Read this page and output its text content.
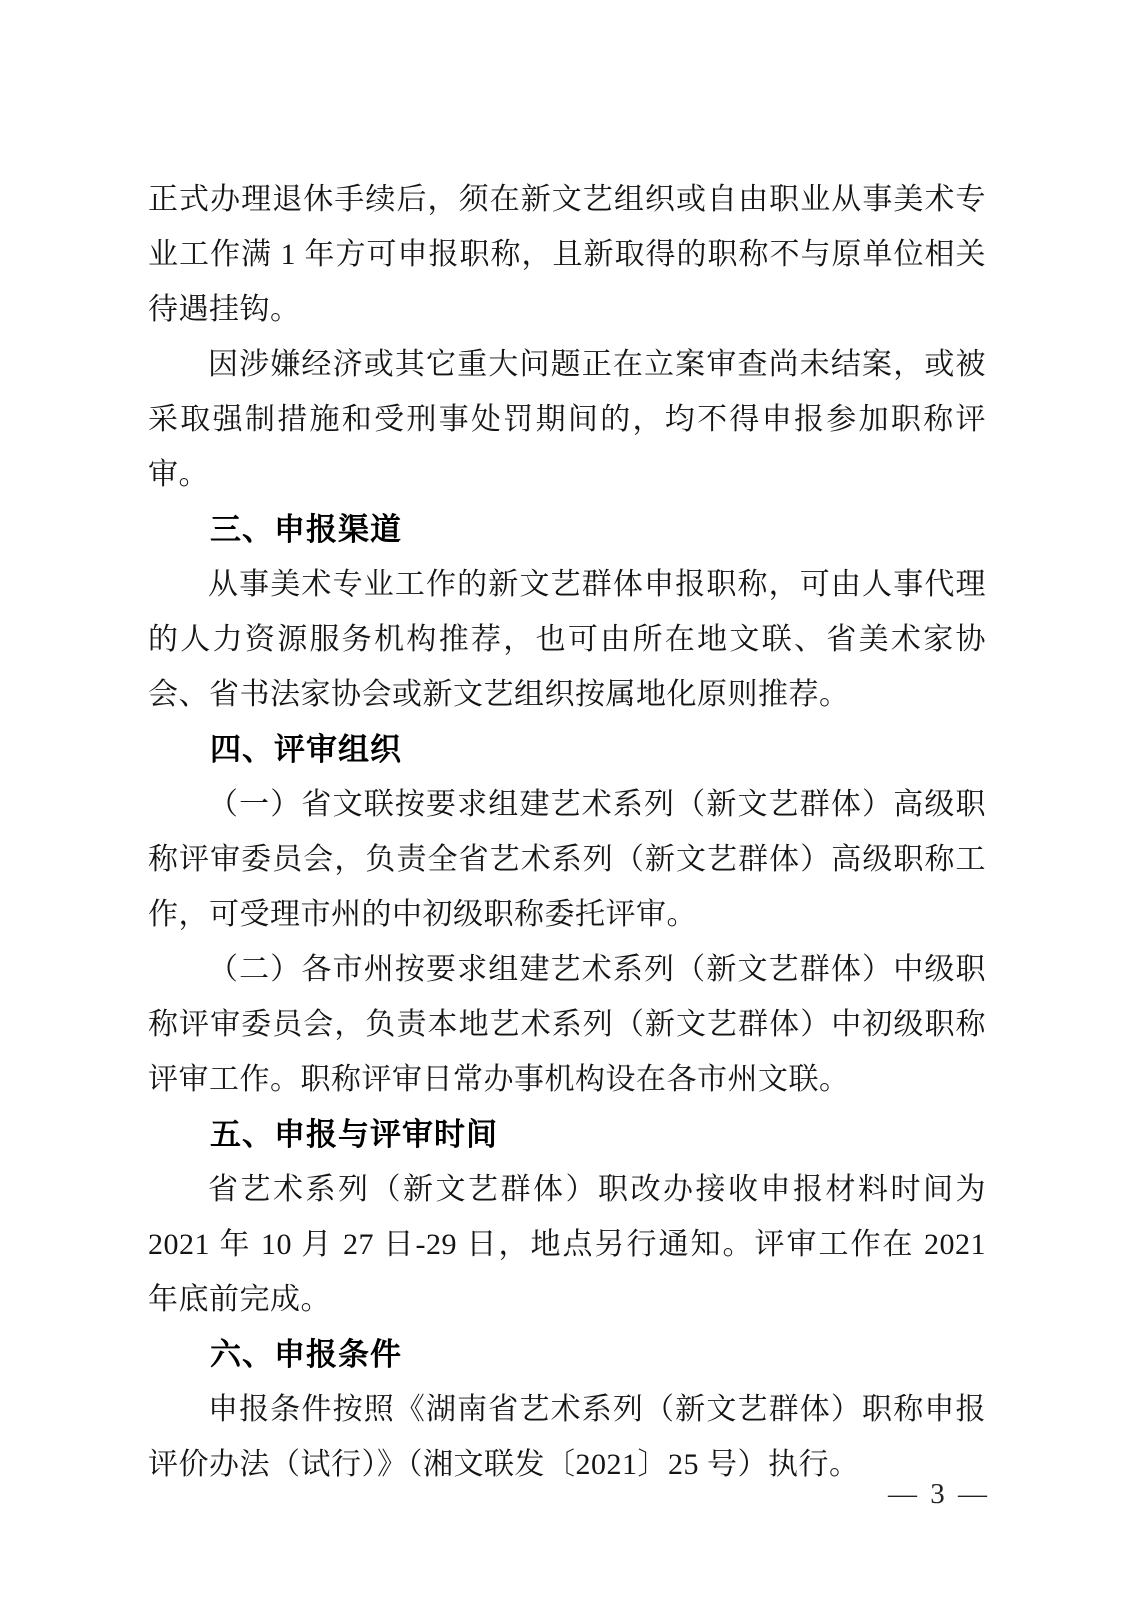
正式办理退休手续后，须在新文艺组织或自由职业从事美术专业工作满 1 年方可申报职称，且新取得的职称不与原单位相关待遇挂钩。

因涉嫌经济或其它重大问题正在立案审查尚未结案，或被采取强制措施和受刑事处罚期间的，均不得申报参加职称评审。

三、申报渠道

从事美术专业工作的新文艺群体申报职称，可由人事代理的人力资源服务机构推荐，也可由所在地文联、省美术家协会、省书法家协会或新文艺组织按属地化原则推荐。

四、评审组织

（一）省文联按要求组建艺术系列（新文艺群体）高级职称评审委员会，负责全省艺术系列（新文艺群体）高级职称工作，可受理市州的中初级职称委托评审。

（二）各市州按要求组建艺术系列（新文艺群体）中级职称评审委员会，负责本地艺术系列（新文艺群体）中初级职称评审工作。职称评审日常办事机构设在各市州文联。

五、申报与评审时间

省艺术系列（新文艺群体）职改办接收申报材料时间为 2021 年 10 月 27 日-29 日，地点另行通知。评审工作在 2021 年底前完成。

六、申报条件

申报条件按照《湖南省艺术系列（新文艺群体）职称申报评价办法（试行）》（湘文联发〔2021〕25 号）执行。

— 3 —
